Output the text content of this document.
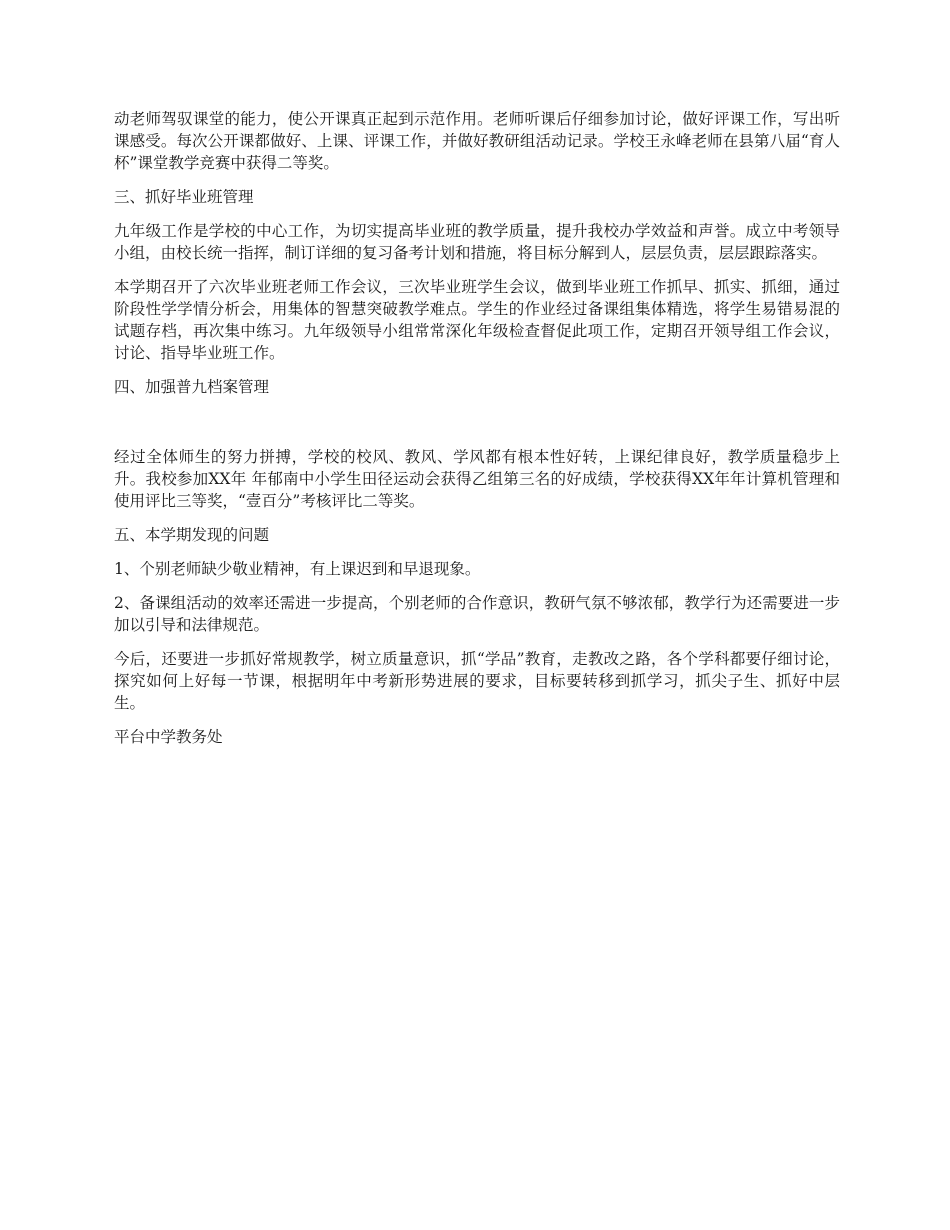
动老师驾驭课堂的能力，使公开课真正起到示范作用。老师听课后仔细参加讨论，做好评课工作，写出听课感受。每次公开课都做好、上课、评课工作，并做好教研组活动记录。学校王永峰老师在县第八届“育人杯”课堂教学竞赛中获得二等奖。

三、抓好毕业班管理

九年级工作是学校的中心工作，为切实提高毕业班的教学质量，提升我校办学效益和声誉。成立中考领导小组，由校长统一指挥，制订详细的复习备考计划和措施，将目标分解到人，层层负责，层层跟踪落实。

本学期召开了六次毕业班老师工作会议，三次毕业班学生会议，做到毕业班工作抓早、抓实、抓细，通过阶段性学学情分析会，用集体的智慧突破教学难点。学生的作业经过备课组集体精选，将学生易错易混的试题存档，再次集中练习。九年级领导小组常常深化年级检查督促此项工作，定期召开领导组工作会议，讨论、指导毕业班工作。

四、加强普九档案管理

经过全体师生的努力拼搏，学校的校风、教风、学风都有根本性好转，上课纪律良好，教学质量稳步上升。我校参加XX年 年郁南中小学生田径运动会获得乙组第三名的好成绩，学校获得XX年年计算机管理和使用评比三等奖，“壹百分”考核评比二等奖。

五、本学期发现的问题

1、个别老师缺少敬业精神，有上课迟到和早退现象。

2、备课组活动的效率还需进一步提高，个别老师的合作意识，教研气氛不够浓郁，教学行为还需要进一步加以引导和法律规范。

今后，还要进一步抓好常规教学，树立质量意识，抓“学品”教育，走教改之路，各个学科都要仔细讨论，探究如何上好每一节课，根据明年中考新形势进展的要求，目标要转移到抓学习，抓尖子生、抓好中层生。

平台中学教务处
